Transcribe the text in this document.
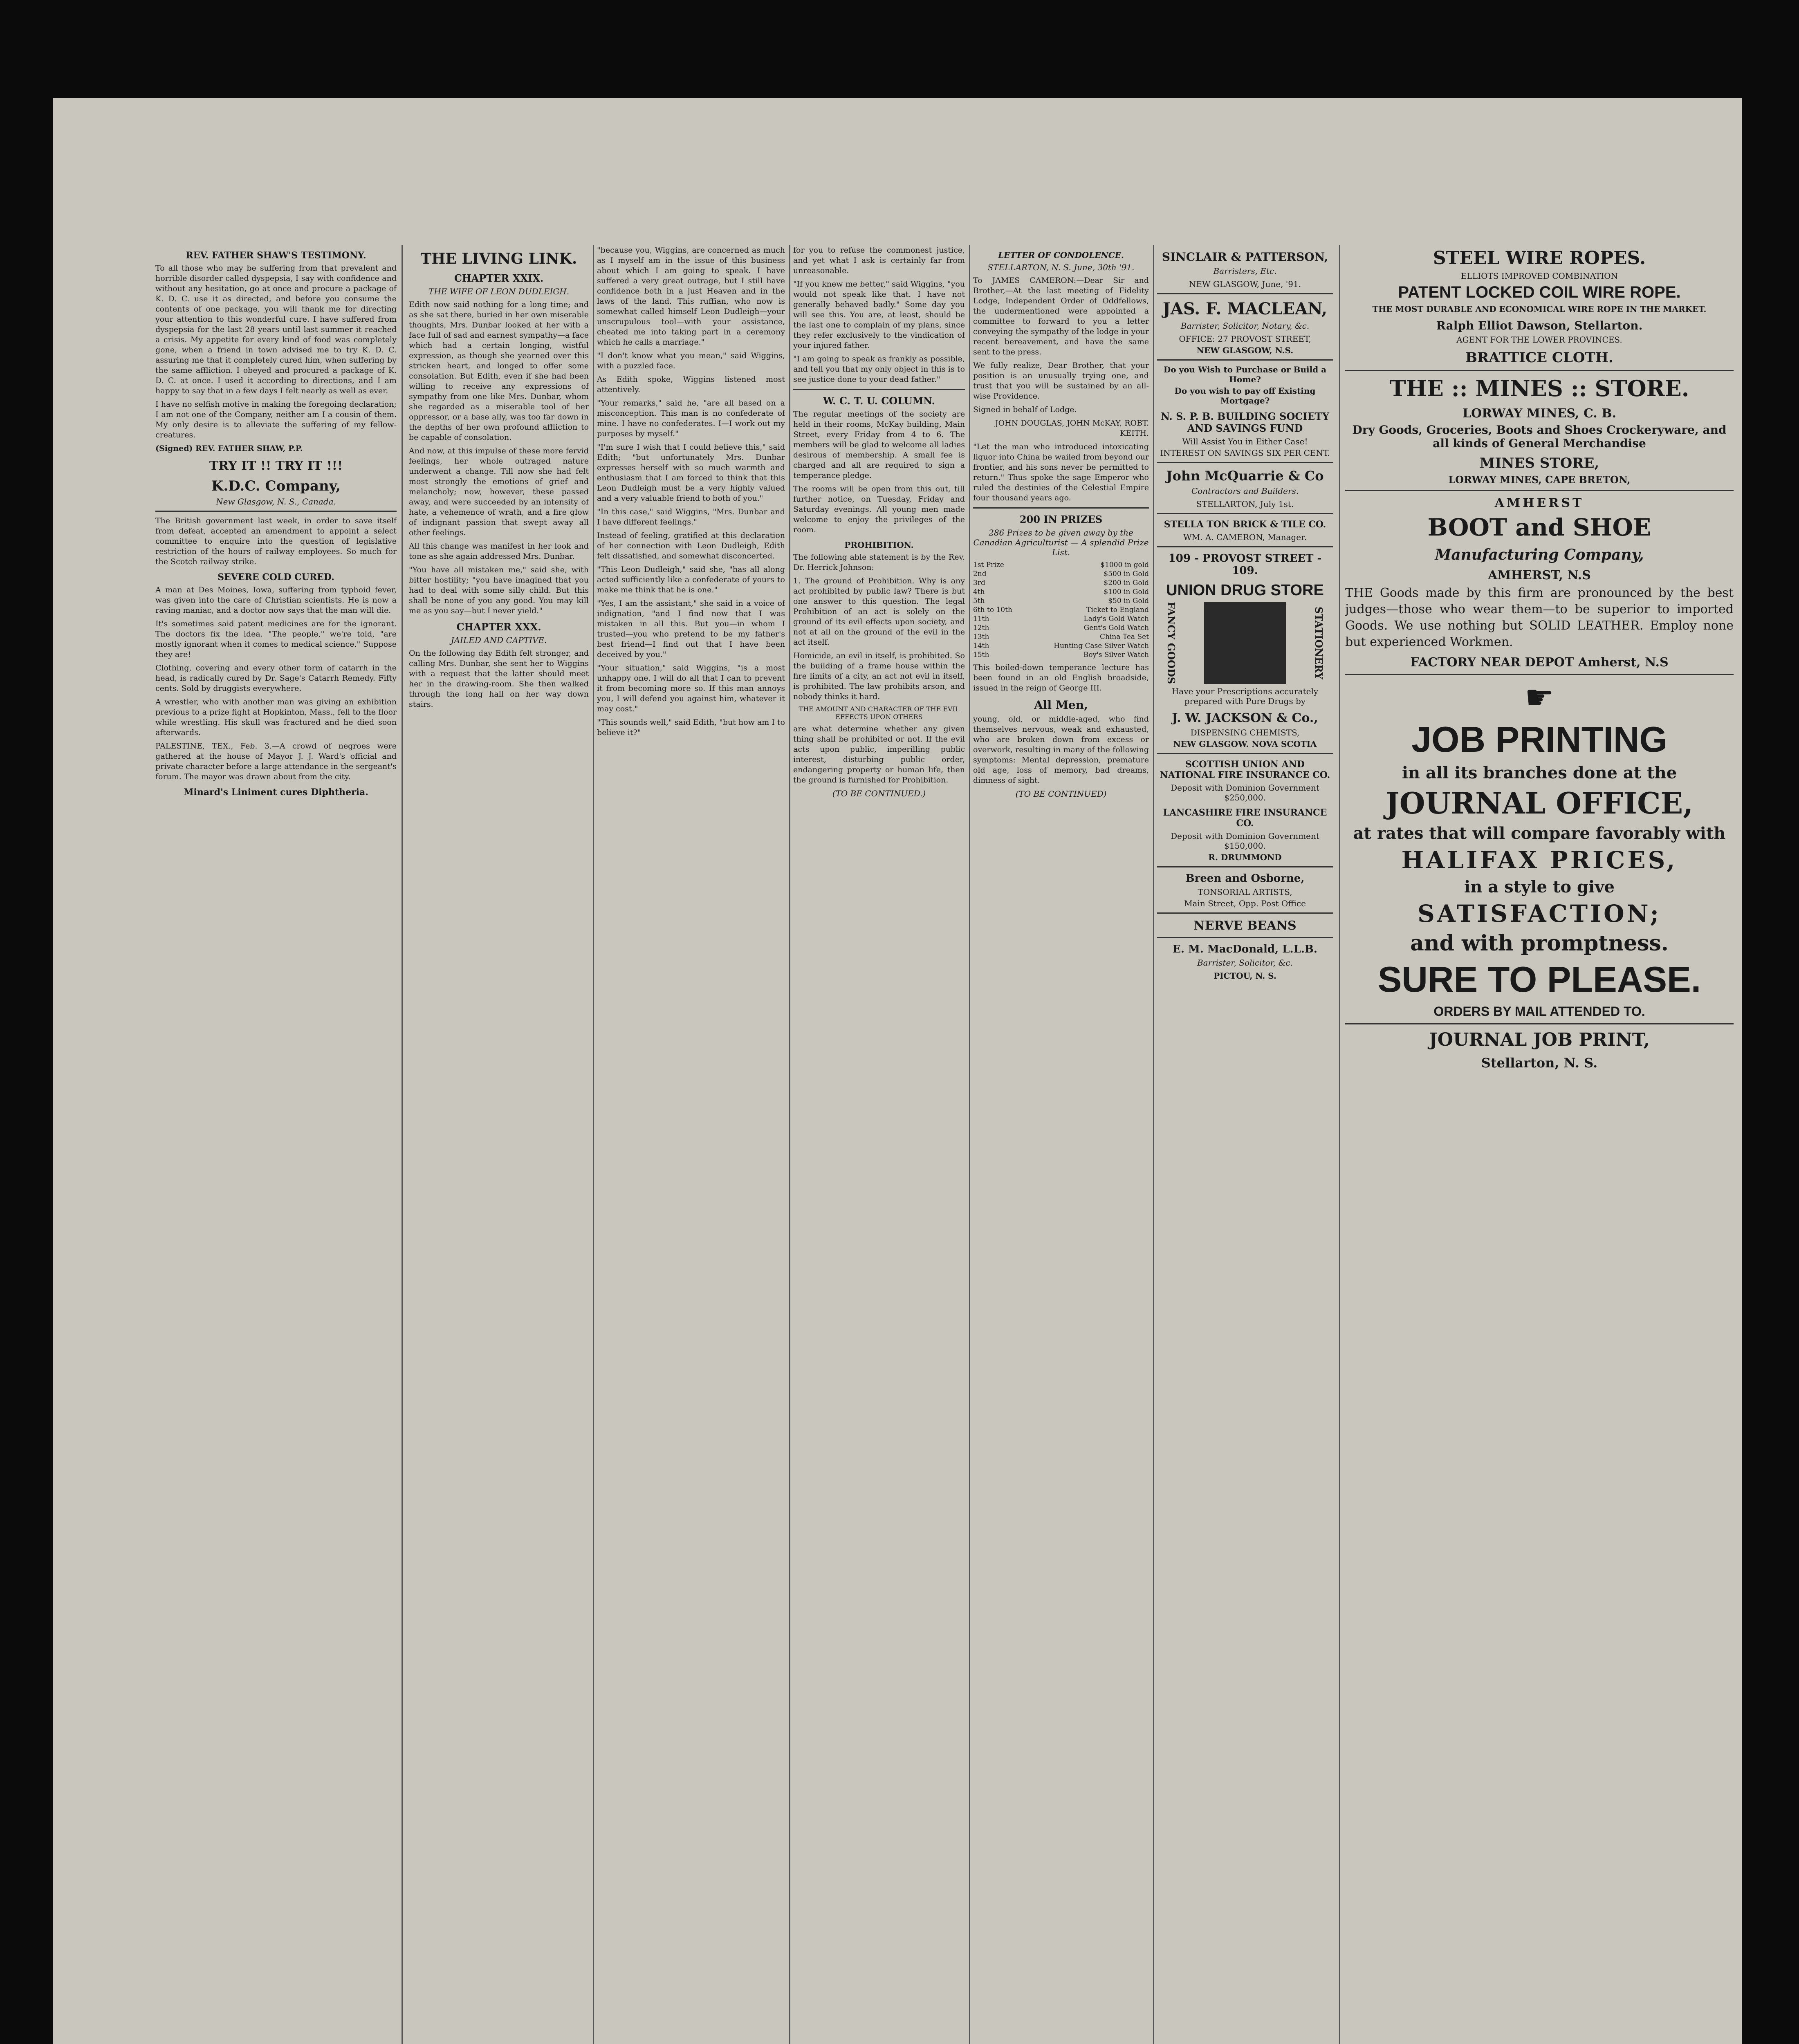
REV. FATHER SHAW'S TESTIMONY.

To all those who may be suffering from that prevalent and horrible disorder called dyspepsia, I say with confidence and without any hesitation, go at once and procure a package of K. D. C. use it as directed, and before you consume the contents of one package, you will thank me for directing your attention to this wonderful cure. I have suffered from dyspepsia for the last 28 years until last summer it reached a crisis. My appetite for every kind of food was completely gone, when a friend in town advised me to try K. D. C. assuring me that it completely cured him, when suffering by the same affliction. I obeyed and procured a package of K. D. C. at once. I used it according to directions, and I am happy to say that in a few days I felt nearly as well as ever.

I have no selfish motive in making the foregoing declaration; I am not one of the Company, neither am I a cousin of them. My only desire is to alleviate the suffering of my fellow-creatures.

(Signed) REV. FATHER SHAW, P.P.

TRY IT !! TRY IT !!!
K.D.C. Company,
New Glasgow, N. S., Canada.

The British government last week, in order to save itself from defeat, accepted an amendment to appoint a select committee to enquire into the question of legislative restriction of the hours of railway employees. So much for the Scotch railway strike.

SEVERE COLD CURED.

A man at Des Moines, Iowa, suffering from typhoid fever, was given into the care of Christian scientists. He is now a raving maniac, and a doctor now says that the man will die.

It's sometimes said patent medicines are for the ignorant. The doctors fix the idea. "The people," we're told, "are mostly ignorant when it comes to medical science." Suppose they are!

Clothing, covering and every other form of catarrh in the head, is radically cured by Dr. Sage's Catarrh Remedy. Fifty cents. Sold by druggists everywhere.

A wrestler, who with another man was giving an exhibition previous to a prize fight at Hopkinton, Mass., fell to the floor while wrestling. His skull was fractured and he died soon afterwards.

PALESTINE, TEX., Feb. 3.—A crowd of negroes were gathered at the house of Mayor J. J. Ward's official and private character before a large attendance in the sergeant's forum. The mayor was drawn about from the city.

Minard's Liniment cures Diphtheria.
THE LIVING LINK.
CHAPTER XXIX.
THE WIFE OF LEON DUDLEIGH.

Edith now said nothing for a long time; and as she sat there, buried in her own miserable thoughts, Mrs. Dunbar looked at her with a face full of sad and earnest sympathy—a face which had a certain longing, wistful expression, as though she yearned over this stricken heart, and longed to offer some consolation. But Edith, even if she had been willing to receive any expressions of sympathy from one like Mrs. Dunbar, whom she regarded as a miserable tool of her oppressor, or a base ally, was too far down in the depths of her own profound affliction to be capable of consolation.

And now, at this impulse of these more fervid feelings, her whole outraged nature underwent a change. Till now she had felt most strongly the emotions of grief and melancholy; now, however, these passed away, and were succeeded by an intensity of hate, a vehemence of wrath, and a fire glow of indignant passion that swept away all other feelings.

All this change was manifest in her look and tone as she again addressed Mrs. Dunbar.

"You have all mistaken me," said she, with bitter hostility; "you have imagined that you had to deal with some silly child. But this shall be none of you any good. You may kill me as you say—but I never yield."

CHAPTER XXX.
JAILED AND CAPTIVE.

On the following day Edith felt stronger, and calling Mrs. Dunbar, she sent her to Wiggins with a request that the latter should meet her in the drawing-room. She then walked through the long hall on her way down stairs.

"because you, Wiggins, are concerned as much as I myself am in the issue of this business about which I am going to speak. I have suffered a very great outrage, but I still have confidence both in a just Heaven and in the laws of the land. This ruffian, who now is somewhat called himself Leon Dudleigh—your unscrupulous tool—with your assistance, cheated me into taking part in a ceremony which he calls a marriage."

"I don't know what you mean," said Wiggins, with a puzzled face.

As Edith spoke, Wiggins listened most attentively.

"Your remarks," said he, "are all based on a misconception. This man is no confederate of mine. I have no confederates. I—I work out my purposes by myself."

"I'm sure I wish that I could believe this," said Edith; "but unfortunately Mrs. Dunbar expresses herself with so much warmth and enthusiasm that I am forced to think that this Leon Dudleigh must be a very highly valued and a very valuable friend to both of you."

"In this case," said Wiggins, "Mrs. Dunbar and I have different feelings."

Instead of feeling, gratified at this declaration of her connection with Leon Dudleigh, Edith felt dissatisfied, and somewhat disconcerted.

"This Leon Dudleigh," said she, "has all along acted sufficiently like a confederate of yours to make me think that he is one."

"Yes, I am the assistant," she said in a voice of indignation, "and I find now that I was mistaken in all this. But you—in whom I trusted—you who pretend to be my father's best friend—I find out that I have been deceived by you."

"Your situation," said Wiggins, "is a most unhappy one. I will do all that I can to prevent it from becoming more so. If this man annoys you, I will defend you against him, whatever it may cost."

"This sounds well," said Edith, "but how am I to believe it?"

for you to refuse the commonest justice, and yet what I ask is certainly far from unreasonable.

"If you knew me better," said Wiggins, "you would not speak like that. I have not generally behaved badly." Some day you will see this. You are, at least, should be the last one to complain of my plans, since they refer exclusively to the vindication of your injured father.

"I am going to speak as frankly as possible, and tell you that my only object in this is to see justice done to your dead father."

W. C. T. U. COLUMN.

The regular meetings of the society are held in their rooms, McKay building, Main Street, every Friday from 4 to 6. The members will be glad to welcome all ladies desirous of membership. A small fee is charged and all are required to sign a temperance pledge.

The rooms will be open from this out, till further notice, on Tuesday, Friday and Saturday evenings. All young men made welcome to enjoy the privileges of the room.

PROHIBITION.

The following able statement is by the Rev. Dr. Herrick Johnson:

1. The ground of Prohibition. Why is any act prohibited by public law? There is but one answer to this question. The legal Prohibition of an act is solely on the ground of its evil effects upon society, and not at all on the ground of the evil in the act itself.

Homicide, an evil in itself, is prohibited. So the building of a frame house within the fire limits of a city, an act not evil in itself, is prohibited. The law prohibits arson, and nobody thinks it hard.

THE AMOUNT AND CHARACTER OF THE EVIL EFFECTS UPON OTHERS

are what determine whether any given thing shall be prohibited or not. If the evil acts upon public, imperilling public interest, disturbing public order, endangering property or human life, then the ground is furnished for Prohibition.

(TO BE CONTINUED.)
LETTER OF CONDOLENCE.
STELLARTON, N. S. June, 30th '91.

To JAMES CAMERON:—Dear Sir and Brother,—At the last meeting of Fidelity Lodge, Independent Order of Oddfellows, the undermentioned were appointed a committee to forward to you a letter conveying the sympathy of the lodge in your recent bereavement, and have the same sent to the press.

We fully realize, Dear Brother, that your position is an unusually trying one, and trust that you will be sustained by an all-wise Providence.

Signed in behalf of Lodge.

JOHN DOUGLAS, JOHN McKAY, ROBT. KEITH.

"Let the man who introduced intoxicating liquor into China be wailed from beyond our frontier, and his sons never be permitted to return." Thus spoke the sage Emperor who ruled the destinies of the Celestial Empire four thousand years ago.

200 IN PRIZES
286 Prizes to be given away by the Canadian Agriculturist — A splendid Prize List.
1st Prize	$1000 in gold
2nd	$500 in Gold
3rd	$200 in Gold
4th	$100 in Gold
5th	$50 in Gold
6th to 10th	Ticket to England
11th	Lady's Gold Watch
12th	Gent's Gold Watch
13th	China Tea Set
14th	Hunting Case Silver Watch
15th	Boy's Silver Watch

This boiled-down temperance lecture has been found in an old English broadside, issued in the reign of George III.

All Men,

young, old, or middle-aged, who find themselves nervous, weak and exhausted, who are broken down from excess or overwork, resulting in many of the following symptoms: Mental depression, premature old age, loss of memory, bad dreams, dimness of sight.

(TO BE CONTINUED)
SINCLAIR & PATTERSON,
Barristers, Etc.
NEW GLASGOW, June, '91.
JAS. F. MACLEAN,
Barrister, Solicitor, Notary, &c.
OFFICE: 27 PROVOST STREET,
NEW GLASGOW, N.S.
Do you Wish to Purchase or Build a Home?
Do you wish to pay off Existing Mortgage?
N. S. P. B. BUILDING SOCIETY AND SAVINGS FUND
Will Assist You in Either Case!
INTEREST ON SAVINGS SIX PER CENT.
John McQuarrie & Co
Contractors and Builders.
STELLARTON, July 1st.
STELLA TON BRICK & TILE CO.
WM. A. CAMERON, Manager.
109 - PROVOST STREET - 109.
UNION DRUG STORE
FANCY GOODS	STATIONERY
Have your Prescriptions accurately prepared with Pure Drugs by
J. W. JACKSON & Co.,
DISPENSING CHEMISTS,
NEW GLASGOW. NOVA SCOTIA
SCOTTISH UNION AND NATIONAL FIRE INSURANCE CO.
Deposit with Dominion Government $250,000.
LANCASHIRE FIRE INSURANCE CO.
Deposit with Dominion Government $150,000.
R. DRUMMOND
Breen and Osborne,
TONSORIAL ARTISTS,
Main Street, Opp. Post Office
NERVE BEANS
E. M. MacDonald, L.L.B.
Barrister, Solicitor, &c.
PICTOU, N. S.
STEEL WIRE ROPES.
ELLIOTS IMPROVED COMBINATION
PATENT LOCKED COIL WIRE ROPE.
THE MOST DURABLE AND ECONOMICAL WIRE ROPE IN THE MARKET.
Ralph Elliot Dawson, Stellarton.
AGENT FOR THE LOWER PROVINCES.
BRATTICE CLOTH.
THE :: MINES :: STORE.
LORWAY MINES, C. B.
Dry Goods, Groceries, Boots and Shoes Crockeryware, and all kinds of General Merchandise
MINES STORE,
LORWAY MINES, CAPE BRETON,
AMHERST
BOOT and SHOE
Manufacturing Company,
AMHERST, N.S

THE Goods made by this firm are pronounced by the best judges—those who wear them—to be superior to imported Goods. We use nothing but SOLID LEATHER. Employ none but experienced Workmen.

FACTORY NEAR DEPOT Amherst, N.S
☛
JOB PRINTING
in all its branches done at the
JOURNAL OFFICE,
at rates that will compare favorably with
HALIFAX PRICES,
in a style to give
SATISFACTION;
and with promptness.
SURE TO PLEASE.
ORDERS BY MAIL ATTENDED TO.
JOURNAL JOB PRINT,
Stellarton, N. S.
